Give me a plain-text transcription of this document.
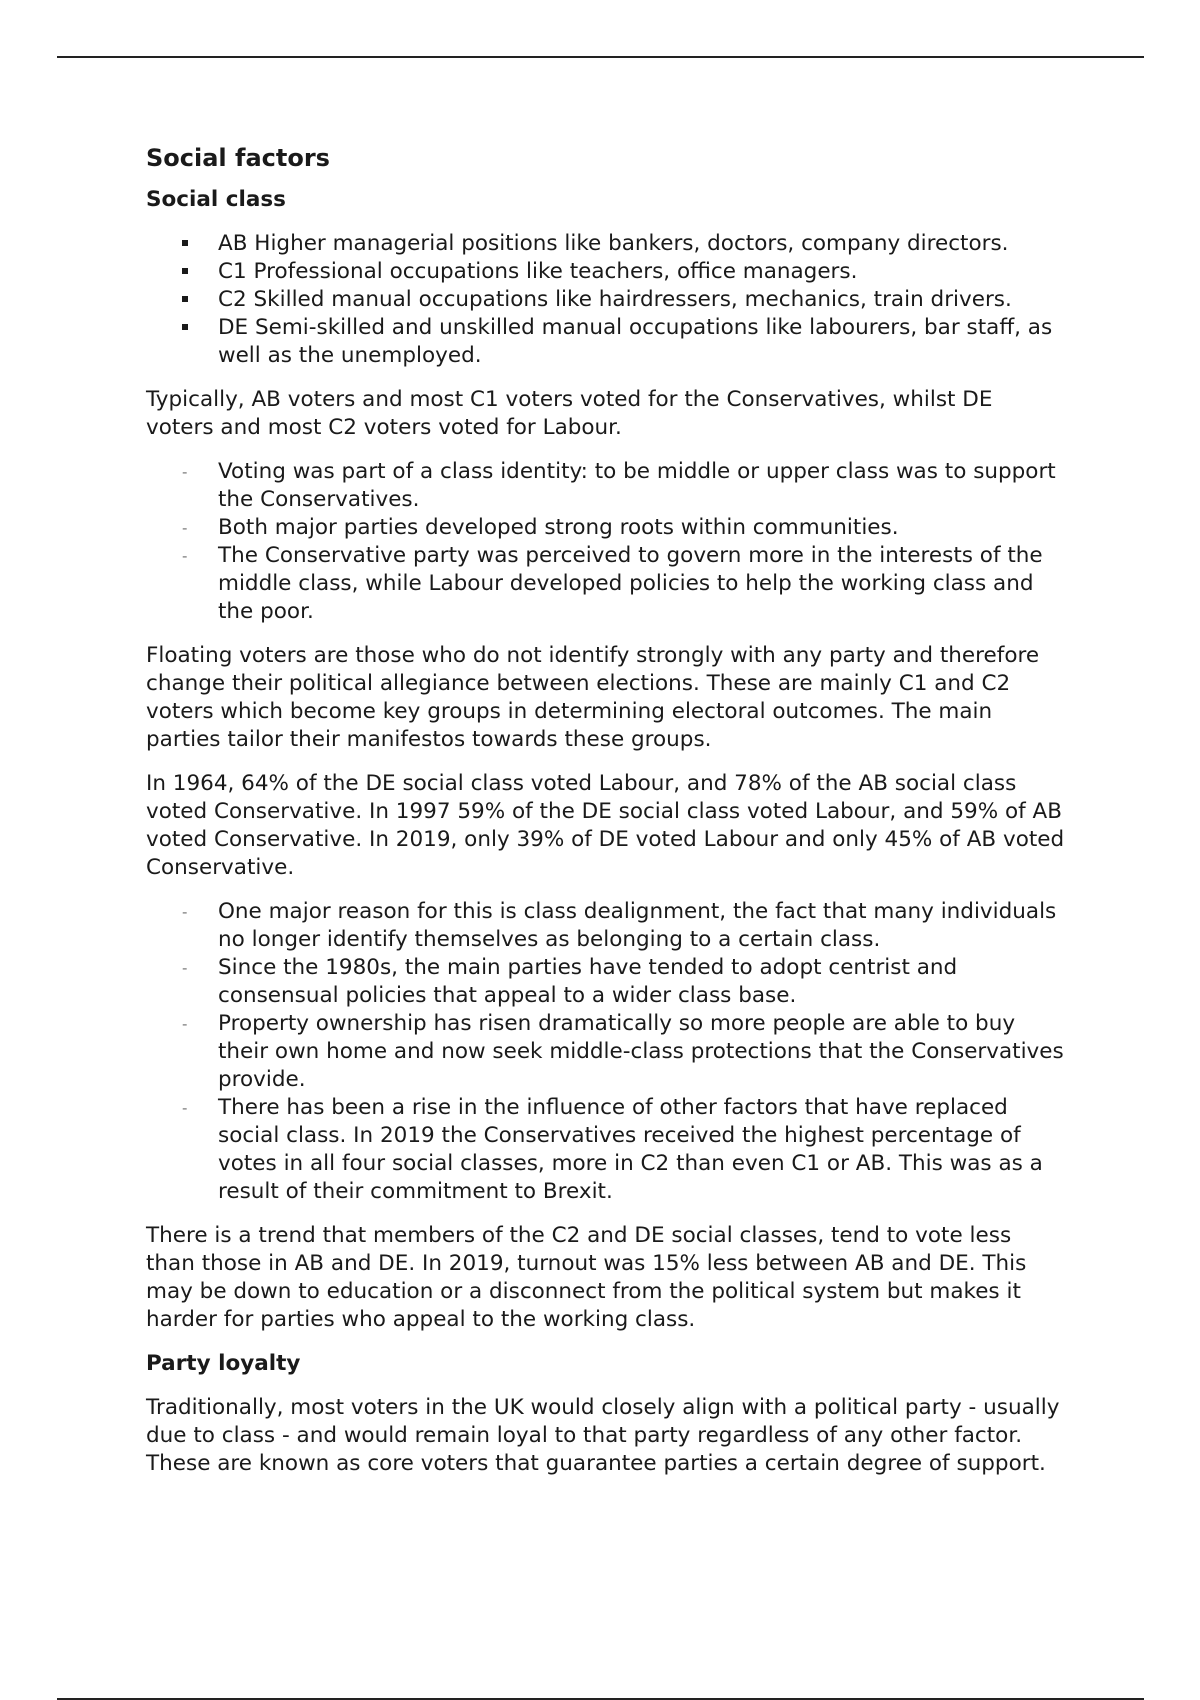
Social factors
Social class
AB Higher managerial positions like bankers, doctors, company directors.
C1 Professional occupations like teachers, office managers.
C2 Skilled manual occupations like hairdressers, mechanics, train drivers.
DE Semi-skilled and unskilled manual occupations like labourers, bar staff, as well as the unemployed.

Typically, AB voters and most C1 voters voted for the Conservatives, whilst DE voters and most C2 voters voted for Labour.

-	Voting was part of a class identity: to be middle or upper class was to support the Conservatives.
-	Both major parties developed strong roots within communities.
-	The Conservative party was perceived to govern more in the interests of the middle class, while Labour developed policies to help the working class and the poor.

Floating voters are those who do not identify strongly with any party and therefore change their political allegiance between elections. These are mainly C1 and C2 voters which become key groups in determining electoral outcomes. The main parties tailor their manifestos towards these groups.

In 1964, 64% of the DE social class voted Labour, and 78% of the AB social class voted Conservative. In 1997 59% of the DE social class voted Labour, and 59% of AB voted Conservative. In 2019, only 39% of DE voted Labour and only 45% of AB voted Conservative.

-	One major reason for this is class dealignment, the fact that many individuals no longer identify themselves as belonging to a certain class.
-	Since the 1980s, the main parties have tended to adopt centrist and consensual policies that appeal to a wider class base.
-	Property ownership has risen dramatically so more people are able to buy their own home and now seek middle-class protections that the Conservatives provide.
-	There has been a rise in the influence of other factors that have replaced social class. In 2019 the Conservatives received the highest percentage of votes in all four social classes, more in C2 than even C1 or AB. This was as a result of their commitment to Brexit.

There is a trend that members of the C2 and DE social classes, tend to vote less than those in AB and DE. In 2019, turnout was 15% less between AB and DE. This may be down to education or a disconnect from the political system but makes it harder for parties who appeal to the working class.

Party loyalty

Traditionally, most voters in the UK would closely align with a political party - usually due to class - and would remain loyal to that party regardless of any other factor. These are known as core voters that guarantee parties a certain degree of support.
